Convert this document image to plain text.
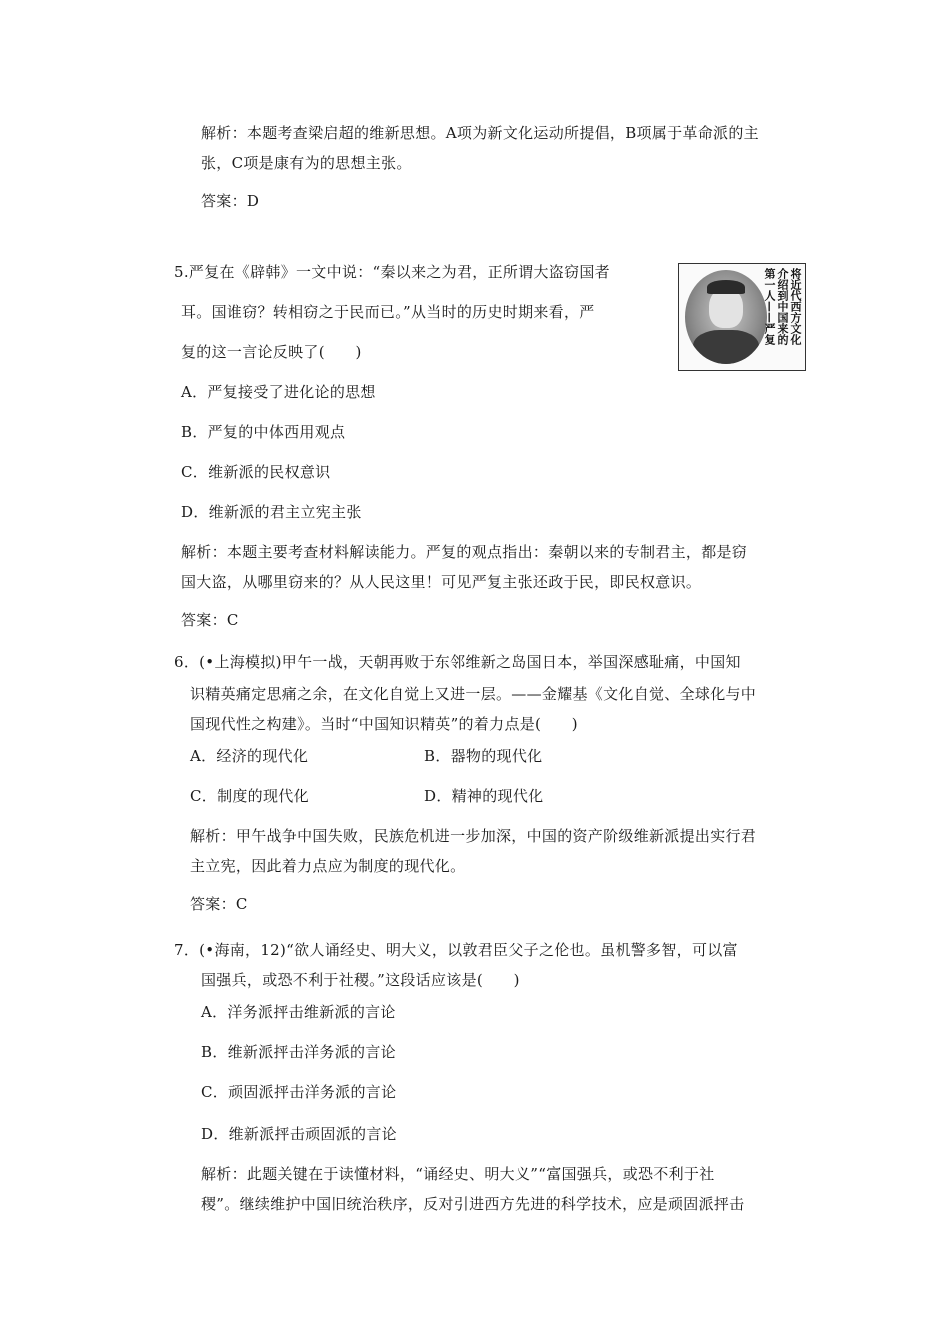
解析：本题考查梁启超的维新思想。A项为新文化运动所提倡，B项属于革命派的主
张，C项是康有为的思想主张。
答案：D
5.严复在《辟韩》一文中说：“秦以来之为君，正所谓大盗窃国者
耳。国谁窃？转相窃之于民而已。”从当时的历史时期来看，严
复的这一言论反映了(　　)
将近代西方文化
介绍到中国来的
第一人——严复
A．严复接受了进化论的思想
B．严复的中体西用观点
C．维新派的民权意识
D．维新派的君主立宪主张
解析：本题主要考查材料解读能力。严复的观点指出：秦朝以来的专制君主，都是窃
国大盗，从哪里窃来的？从人民这里！可见严复主张还政于民，即民权意识。
答案：C
6．(•上海模拟)甲午一战，天朝再败于东邻维新之岛国日本，举国深感耻痛，中国知
识精英痛定思痛之余，在文化自觉上又进一层。——金耀基《文化自觉、全球化与中
国现代性之构建》。当时“中国知识精英”的着力点是(　　)
A．经济的现代化	B．器物的现代化
C．制度的现代化	D．精神的现代化
解析：甲午战争中国失败，民族危机进一步加深，中国的资产阶级维新派提出实行君
主立宪，因此着力点应为制度的现代化。
答案：C
7．(•海南，12)“欲人诵经史、明大义，以敦君臣父子之伦也。虽机警多智，可以富
国强兵，或恐不利于社稷。”这段话应该是(　　)
A．洋务派抨击维新派的言论
B．维新派抨击洋务派的言论
C．顽固派抨击洋务派的言论
D．维新派抨击顽固派的言论
解析：此题关键在于读懂材料，“诵经史、明大义”“富国强兵，或恐不利于社
稷”。继续维护中国旧统治秩序，反对引进西方先进的科学技术，应是顽固派抨击
